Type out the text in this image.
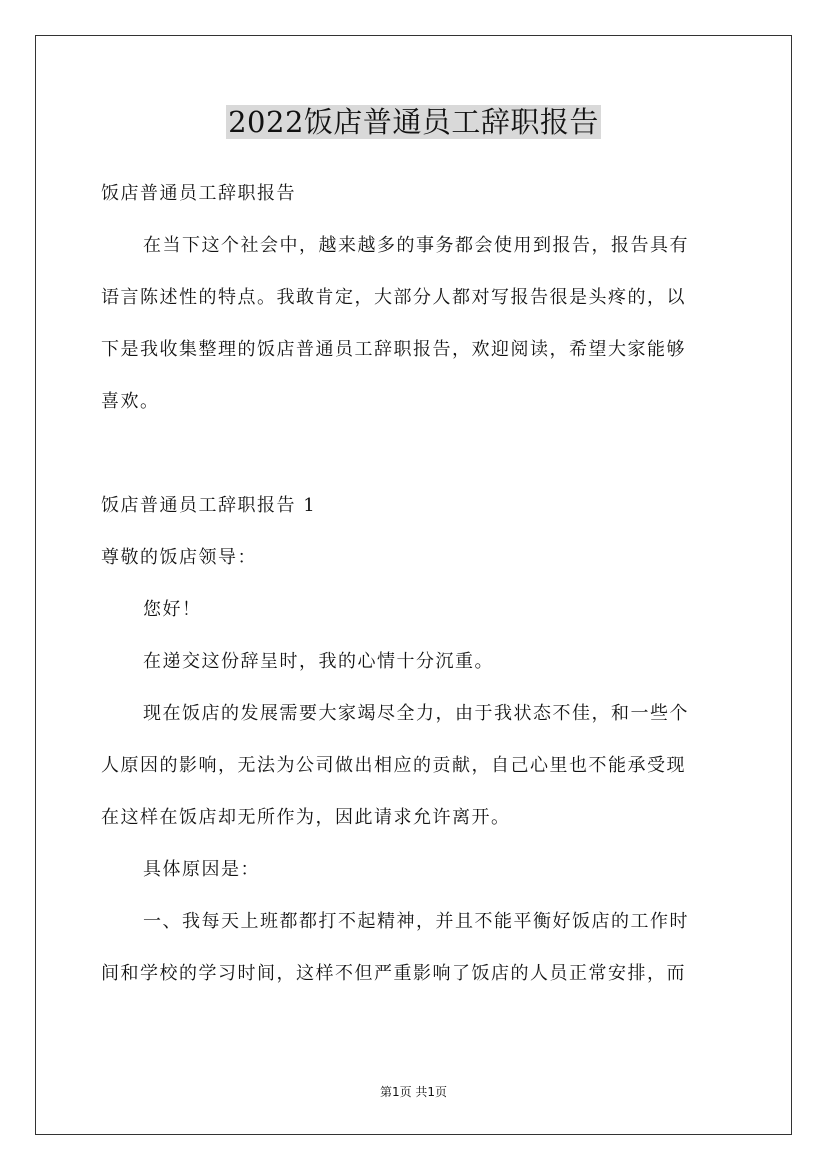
2022饭店普通员工辞职报告

饭店普通员工辞职报告

在当下这个社会中，越来越多的事务都会使用到报告，报告具有

语言陈述性的特点。我敢肯定，大部分人都对写报告很是头疼的，以

下是我收集整理的饭店普通员工辞职报告，欢迎阅读，希望大家能够

喜欢。

饭店普通员工辞职报告 1

尊敬的饭店领导：

您好！

在递交这份辞呈时，我的心情十分沉重。

现在饭店的发展需要大家竭尽全力，由于我状态不佳，和一些个

人原因的影响，无法为公司做出相应的贡献，自己心里也不能承受现

在这样在饭店却无所作为，因此请求允许离开。

具体原因是：

一、我每天上班都都打不起精神，并且不能平衡好饭店的工作时

间和学校的学习时间，这样不但严重影响了饭店的人员正常安排，而

第1页 共1页
